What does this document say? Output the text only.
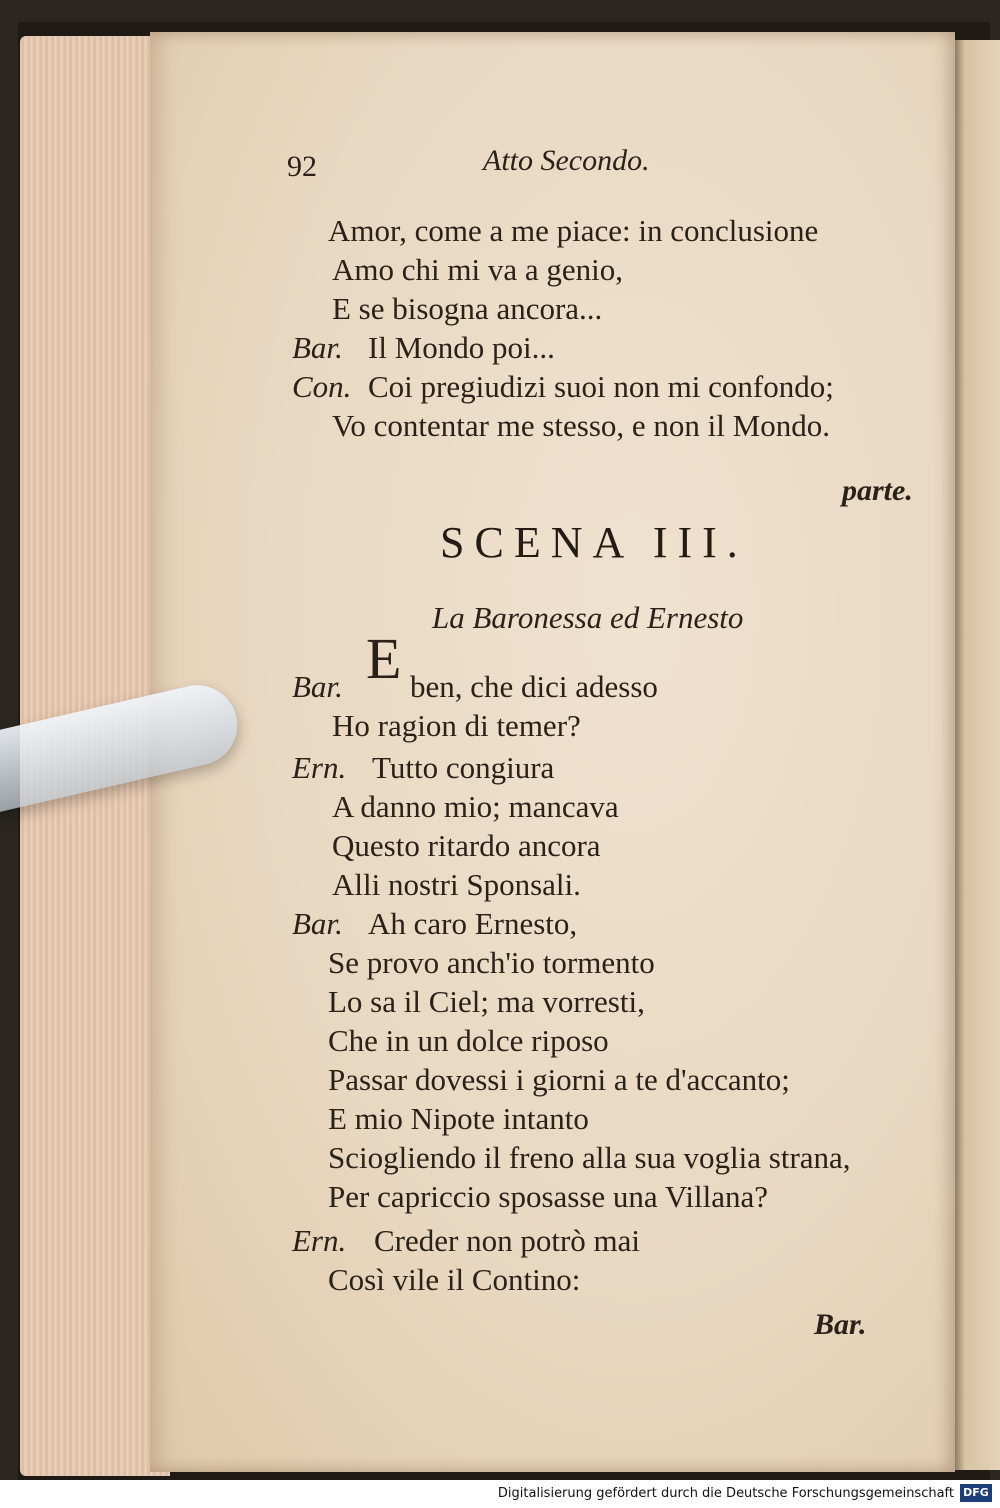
92	Atto Secondo.
Amor, come a me piace: in conclusione
Amo chi mi va a genio,
E se bisogna ancora...
Bar. Il Mondo poi...
Con. Coi pregiudizi suoi non mi confondo;
Vo contentar me stesso, e non il Mondo.
parte.
SCENA III.
La Baronessa ed Ernesto
E
Bar. ben, che dici adesso
Ho ragion di temer?
Ern. Tutto congiura
A danno mio; mancava
Questo ritardo ancora
Alli nostri Sponsali.
Bar. Ah caro Ernesto,
Se provo anch'io tormento
Lo sa il Ciel; ma vorresti,
Che in un dolce riposo
Passar dovessi i giorni a te d'accanto;
E mio Nipote intanto
Sciogliendo il freno alla sua voglia strana,
Per capriccio sposasse una Villana?
Ern. Creder non potrò mai
Così vile il Contino:
Bar.
Digitalisierung gefördert durch die Deutsche Forschungsgemeinschaft DFG
